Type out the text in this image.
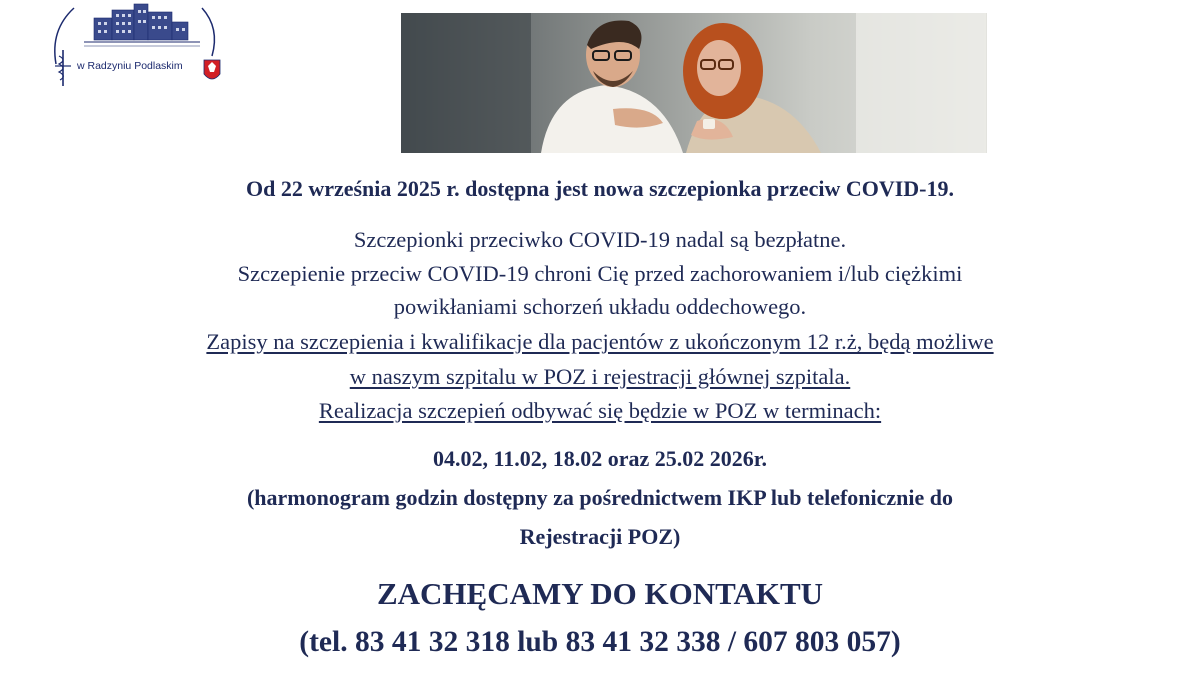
w Radzyniu Podlaskim
Od 22 września 2025 r. dostępna jest nowa szczepionka przeciw COVID-19.
Szczepionki przeciwko COVID-19 nadal są bezpłatne.
Szczepienie przeciw COVID-19 chroni Cię przed zachorowaniem i/lub ciężkimi
powikłaniami schorzeń układu oddechowego.
Zapisy na szczepienia i kwalifikacje dla pacjentów z ukończonym 12 r.ż, będą możliwe
w naszym szpitalu w POZ i rejestracji głównej szpitala.
Realizacja szczepień odbywać się będzie w POZ w terminach:
04.02, 11.02, 18.02 oraz 25.02 2026r.
(harmonogram godzin dostępny za pośrednictwem IKP lub telefonicznie do
Rejestracji POZ)
ZACHĘCAMY DO KONTAKTU
(tel. 83 41 32 318 lub 83 41 32 338 / 607 803 057)
